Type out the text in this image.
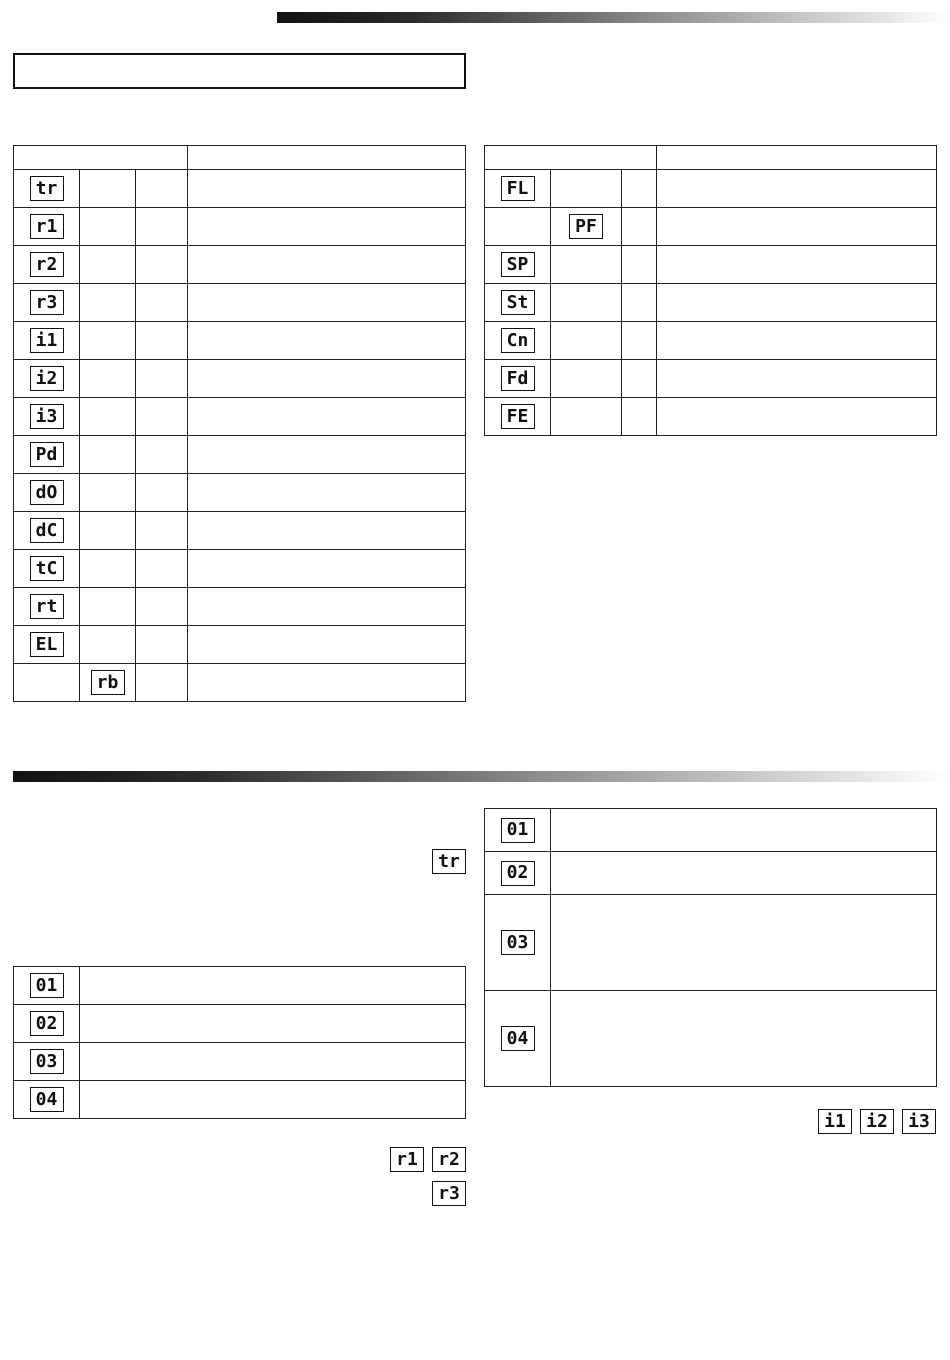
tr			
r1			
r2			
r3			
i1			
i2			
i3			
Pd			
dO			
dC			
tC			
rt			
EL			
	rb		

FL			
	PF		
SP			
St			
Cn			
Fd			
FE			
tr
01	
02	
03	
04	
r1	r2
r3
01	
02	
03	
04	
i1	i2	i3
